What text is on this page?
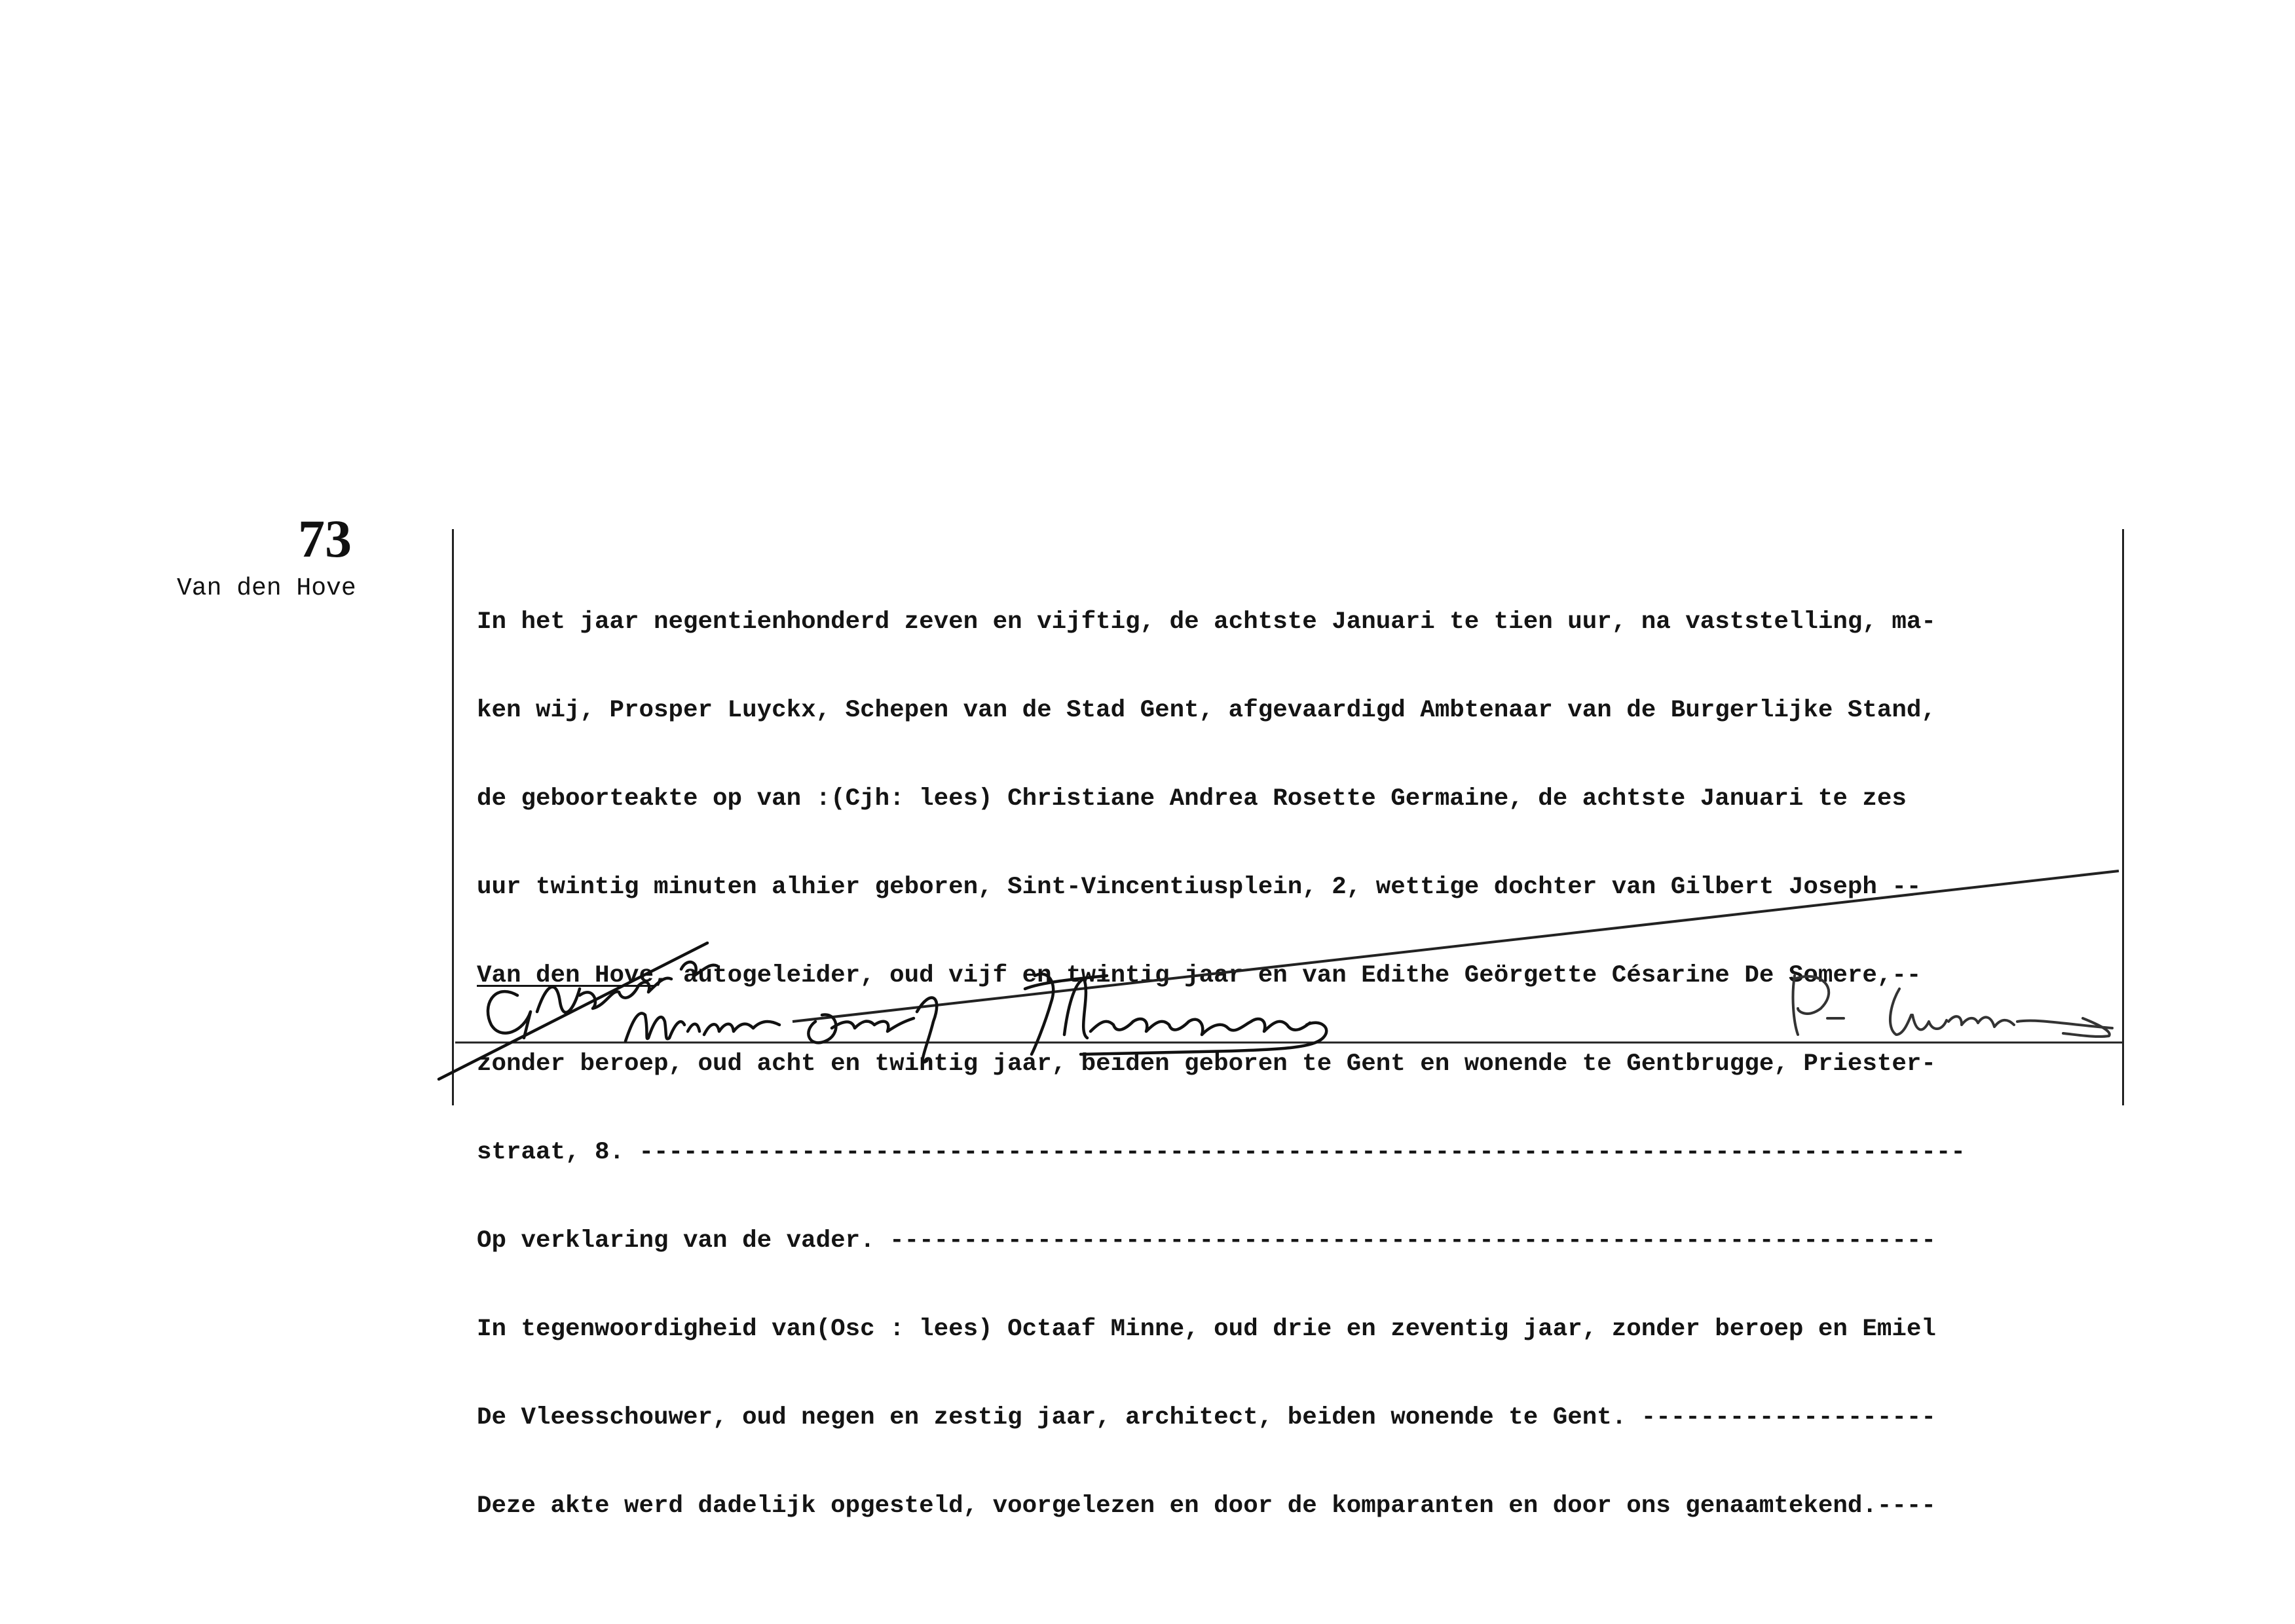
73
Van den Hove

In het jaar negentienhonderd zeven en vijftig, de achtste Januari te tien uur, na vaststelling, ma-

ken wij, Prosper Luyckx, Schepen van de Stad Gent, afgevaardigd Ambtenaar van de Burgerlijke Stand,

de geboorteakte op van :(Cjh: lees) Christiane Andrea Rosette Germaine, de achtste Januari te zes

uur twintig minuten alhier geboren, Sint-Vincentiusplein, 2, wettige dochter van Gilbert Joseph --

Van den Hove, autogeleider, oud vijf en twintig jaar en van Edithe Geörgette Césarine De Somere,--

zonder beroep, oud acht en twintig jaar, beiden geboren te Gent en wonende te Gentbrugge, Priester-

straat, 8. ------------------------------------------------------------------------------------------

Op verklaring van de vader. -----------------------------------------------------------------------

In tegenwoordigheid van(Osc : lees) Octaaf Minne, oud drie en zeventig jaar, zonder beroep en Emiel

De Vleesschouwer, oud negen en zestig jaar, architect, beiden wonende te Gent. --------------------

Deze akte werd dadelijk opgesteld, voorgelezen en door de komparanten en door ons genaamtekend.----
